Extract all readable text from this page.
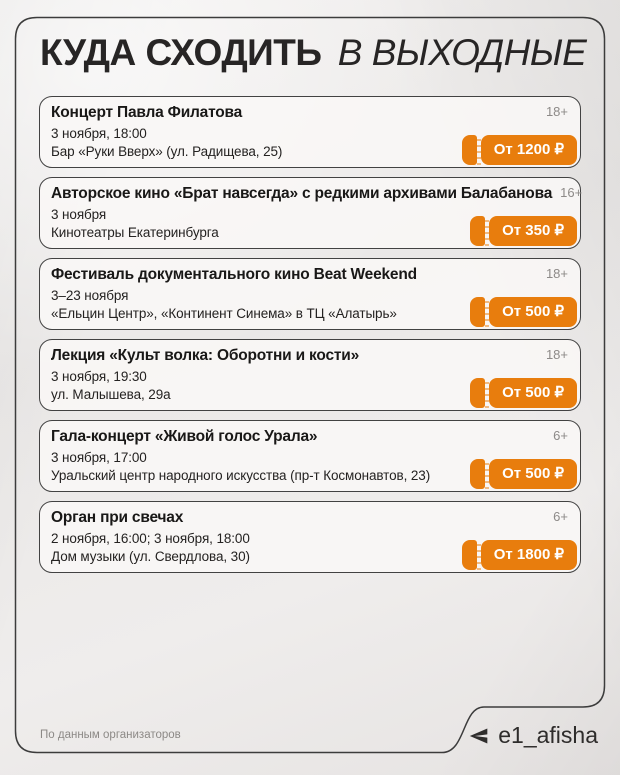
КУДА СХОДИТЬ В ВЫХОДНЫЕ
Концерт Павла Филатова	18+
3 ноября, 18:00
Бар «Руки Вверх» (ул. Радищева, 25)	От 1200 ₽
Авторское кино «Брат навсегда» с редкими архивами Балабанова 16+
3 ноября
Кинотеатры Екатеринбурга	От 350 ₽
Фестиваль документального кино Beat Weekend	18+
3–23 ноября
«Ельцин Центр», «Континент Синема» в ТЦ «Алатырь»	От 500 ₽
Лекция «Культ волка: Оборотни и кости»	18+
3 ноября, 19:30
ул. Малышева, 29а	От 500 ₽
Гала-концерт «Живой голос Урала»	6+
3 ноября, 17:00
Уральский центр народного искусства (пр-т Космонавтов, 23)	От 500 ₽
Орган при свечах	6+
2 ноября, 16:00; 3 ноября, 18:00
Дом музыки (ул. Свердлова, 30)	От 1800 ₽
По данным организаторов	e1_afisha
